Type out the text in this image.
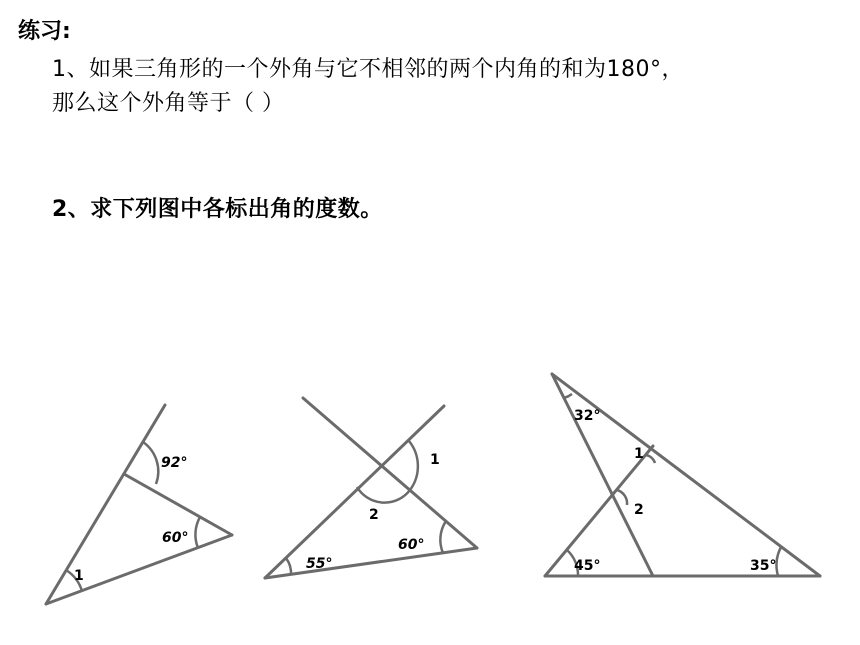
练习:
1、如果三角形的一个外角与它不相邻的两个内角的和为180°，
那么这个外角等于（ ）
2、求下列图中各标出角的度数。
92°
60°
1
1
2
55°
60°
32°
1
2
45°	35°
